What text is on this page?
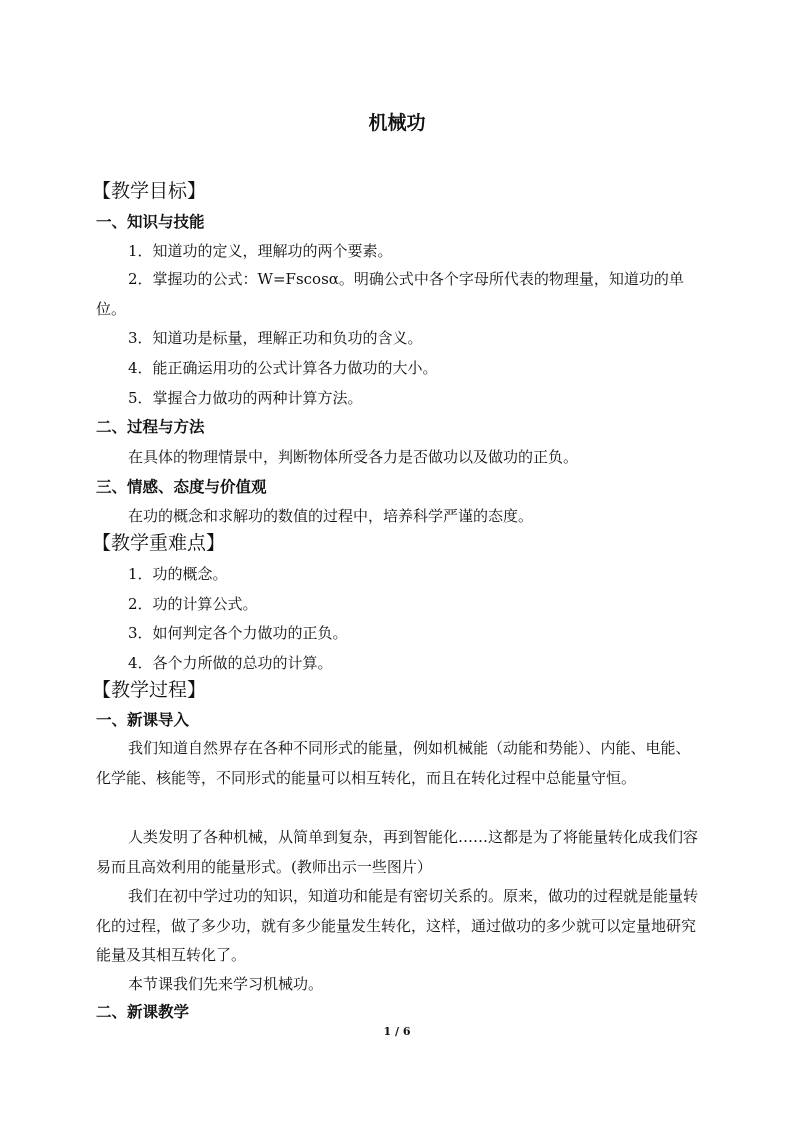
机械功
【教学目标】
一、知识与技能
1．知道功的定义，理解功的两个要素。
2．掌握功的公式：W=Fscosα。明确公式中各个字母所代表的物理量，知道功的单位。
3．知道功是标量，理解正功和负功的含义。
4．能正确运用功的公式计算各力做功的大小。
5．掌握合力做功的两种计算方法。
二、过程与方法
在具体的物理情景中，判断物体所受各力是否做功以及做功的正负。
三、情感、态度与价值观
在功的概念和求解功的数值的过程中，培养科学严谨的态度。
【教学重难点】
1．功的概念。
2．功的计算公式。
3．如何判定各个力做功的正负。
4．各个力所做的总功的计算。
【教学过程】
一、新课导入
我们知道自然界存在各种不同形式的能量，例如机械能（动能和势能）、内能、电能、化学能、核能等，不同形式的能量可以相互转化，而且在转化过程中总能量守恒。
人类发明了各种机械，从简单到复杂，再到智能化……这都是为了将能量转化成我们容易而且高效利用的能量形式。(教师出示一些图片）
我们在初中学过功的知识，知道功和能是有密切关系的。原来，做功的过程就是能量转化的过程，做了多少功，就有多少能量发生转化，这样，通过做功的多少就可以定量地研究能量及其相互转化了。
本节课我们先来学习机械功。
二、新课教学
1 / 6
